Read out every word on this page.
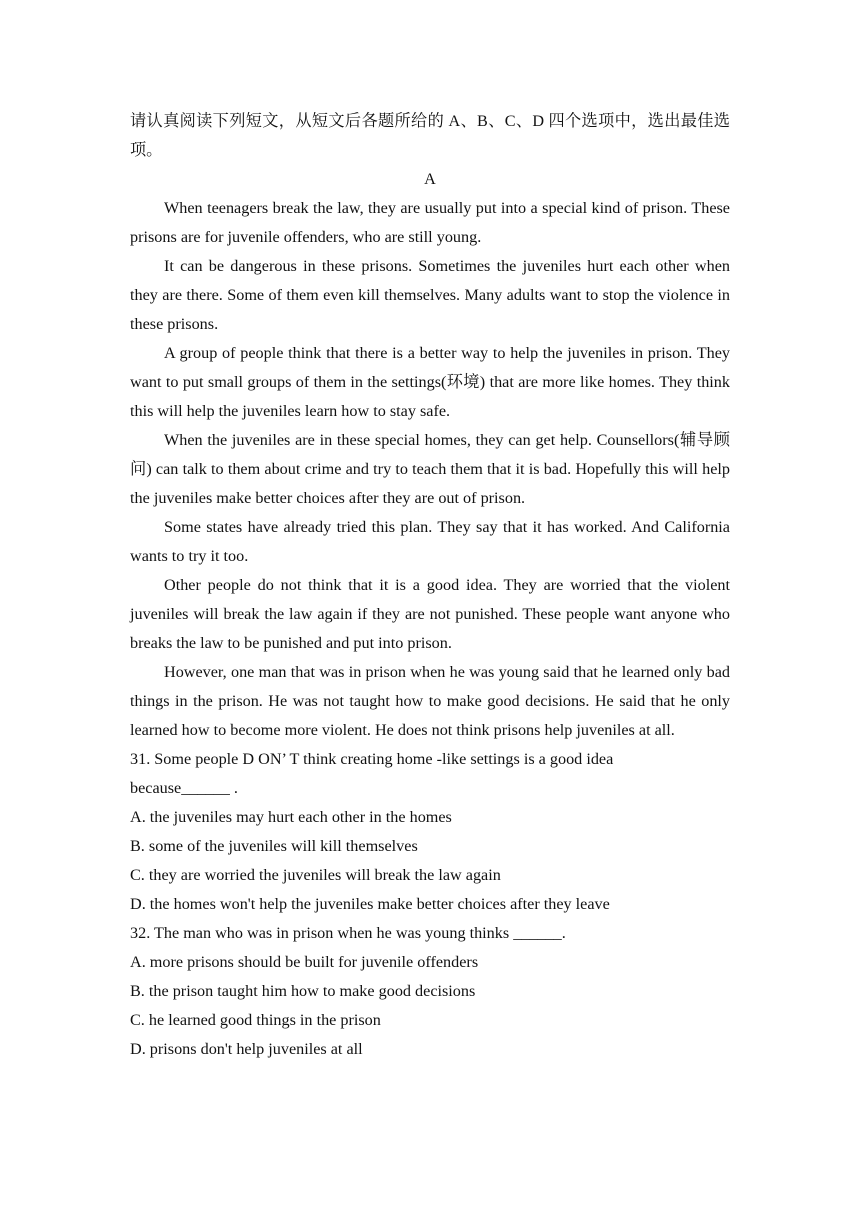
请认真阅读下列短文，从短文后各题所给的 A、B、C、D 四个选项中，选出最佳选项。

A

When teenagers break the law, they are usually put into a special kind of prison. These prisons are for juvenile offenders, who are still young.

It can be dangerous in these prisons. Sometimes the juveniles hurt each other when they are there. Some of them even kill themselves. Many adults want to stop the violence in these prisons.

A group of people think that there is a better way to help the juveniles in prison. They want to put small groups of them in the settings(环境) that are more like homes. They think this will help the juveniles learn how to stay safe.

When the juveniles are in these special homes, they can get help. Counsellors(辅导顾问) can talk to them about crime and try to teach them that it is bad. Hopefully this will help the juveniles make better choices after they are out of prison.

Some states have already tried this plan. They say that it has worked. And California wants to try it too.

Other people do not think that it is a good idea. They are worried that the violent juveniles will break the law again if they are not punished. These people want anyone who breaks the law to be punished and put into prison.

However, one man that was in prison when he was young said that he learned only bad things in the prison. He was not taught how to make good decisions. He said that he only learned how to become more violent. He does not think prisons help juveniles at all.

31. Some people D ON’ T think creating home -like settings is a good idea because______ .

A. the juveniles may hurt each other in the homes

B. some of the juveniles will kill themselves

C. they are worried the juveniles will break the law again

D. the homes won't help the juveniles make better choices after they leave

32. The man who was in prison when he was young thinks ______.

A. more prisons should be built for juvenile offenders

B. the prison taught him how to make good decisions

C. he learned good things in the prison

D. prisons don't help juveniles at all
